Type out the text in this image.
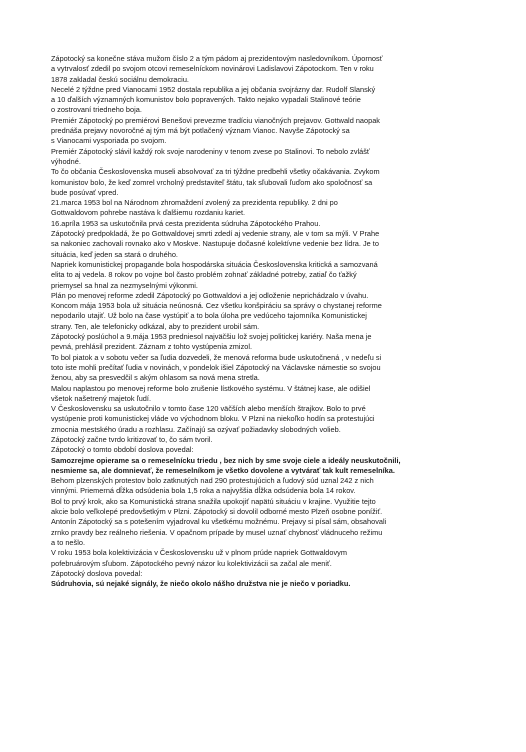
Zápotocký sa konečne stáva mužom číslo 2 a tým pádom aj prezidentovým nasledovníkom. Úpornosť
a vytrvalosť zdedil po svojom otcovi remeselníckom novinárovi Ladislavovi Zápotockom. Ten v roku
1878 zakladal českú sociálnu demokraciu.
Necelé 2 týždne pred Vianocami 1952 dostala republika a jej občania svojrázny dar. Rudolf Slanský
a 10 ďalších významných komunistov bolo popravených. Takto nejako vypadali Stalinové teórie
o zostrovaní triedneho boja.
Premiér Zápotocký po premiérovi Benešovi prevezme tradíciu vianočných prejavov. Gottwald naopak
prednáša prejavy novoročné aj tým má být potlačený význam Vianoc. Navyše Zápotocký sa
s Vianocami vysporiada po svojom.
Premiér Zápotocký slávil každý rok svoje narodeniny v tenom zvese po Stalinovi. To nebolo zvlášť
výhodné.
To čo občania Československa museli absolvovať za tri týždne predbehli všetky očakávania. Zvykom
komunistov bolo, že keď zomrel vrcholný predstaviteľ štátu, tak sľubovali ľuďom ako spoločnosť sa
bude posúvať vpred.
21.marca 1953 bol na Národnom zhromaždení zvolený za prezidenta republiky. 2 dni po
Gottwaldovom pohrebe nastáva k ďalšiemu rozdaniu kariet.
16.apríla 1953 sa uskutočnila prvá cesta prezidenta súdruha Zápotockého Prahou.
Zápotocký predpokladá, že po Gottwaldovej smrti zdedí aj vedenie strany, ale v tom sa mýli. V Prahe
sa nakoniec zachovali rovnako ako v Moskve. Nastupuje dočasné kolektívne vedenie bez lídra. Je to
situácia, keď jeden sa stará o druhého.
Napriek komunistickej propagande bola hospodárska situácia Československa kritická a samozvaná
elita to aj vedela. 8 rokov po vojne bol často problém zohnať základné potreby, zatiaľ čo ťažký
priemysel sa hnal za nezmyselnými výkonmi.
Plán po menovej reforme zdedil Zápotocký po Gottwaldovi a jej odloženie neprichádzalo v úvahu.
Koncom mája 1953 bola už situácia neúnosná. Cez všetku konšpiráciu sa správy o chystanej reforme
nepodarilo utajiť. Už bolo na čase vystúpiť a to bola úloha pre vedúceho tajomníka Komunistickej
strany. Ten, ale telefonicky odkázal, aby to prezident urobil sám.
Zápotocký poslúchol a 9.mája 1953 predniesol najväčšiu lož svojej politickej kariéry. Naša mena je
pevná, prehlásil prezident. Záznam z tohto vystúpenia zmizol.
To bol piatok a v sobotu večer sa ľudia dozvedeli, že menová reforma bude uskutočnená , v nedeľu si
toto iste mohli prečítať ľudia v novinách, v pondelok išiel Zápotocký na Václavske námestie so svojou
ženou, aby sa presvedčil s akým ohlasom sa nová mena stretla.
Malou naplastou po menovej reforme bolo zrušenie lístkového systému. V štátnej kase, ale odišiel
všetok našetrený majetok ľudí.
V Československu sa uskutočnilo v tomto čase 120 väčších alebo menších štrajkov. Bolo to prvé
vystúpenie proti komunistickej vláde vo východnom bloku. V Plzni na niekoľko hodín sa protestujúci
zmocnia mestského úradu a rozhlasu. Začínajú sa ozývať požiadavky slobodných volieb.
Zápotocký začne tvrdo kritizovať to, čo sám tvoril.
Zápotocký o tomto období doslova povedal:
Samozrejme opierame sa o remeselnícku triedu , bez nich by sme svoje ciele a ideály neuskutočnili,
nesmieme sa, ale domnievať, že remeselníkom je všetko dovolene a vytvárať tak kult remeselníka.
Behom plzenských protestov bolo zatknutých nad 290 protestujúcich a ľudový súd uznal 242 z nich
vinnými. Priemerná dĺžka odsúdenia bola 1,5 roka a najvyššia dĺžka odsúdenia bola 14 rokov.
Bol to prvý krok, ako sa Komunistická strana snažila upokojiť napätú situáciu v krajine. Využitie tejto
akcie bolo veľkolepé predovšetkým v Plzni. Zápotocký si dovolil odborné mesto Plzeň osobne ponížiť.
Antonín Zápotocký sa s potešením vyjadroval ku všetkému možnému. Prejavy si písal sám, obsahovali
zrnko pravdy bez reálneho riešenia. V opačnom prípade by musel uznať chybnosť vládnuceho režimu
a to nešlo.
V roku 1953 bola kolektivizácia v Československu už v plnom prúde napriek Gottwaldovym
pofebruárovým sľubom. Zápotockého pevný názor ku kolektivizácii sa začal ale meniť.
Zápotocký doslova povedal:
Súdruhovia, sú nejaké signály, že niečo okolo nášho družstva nie je niečo v poriadku.
